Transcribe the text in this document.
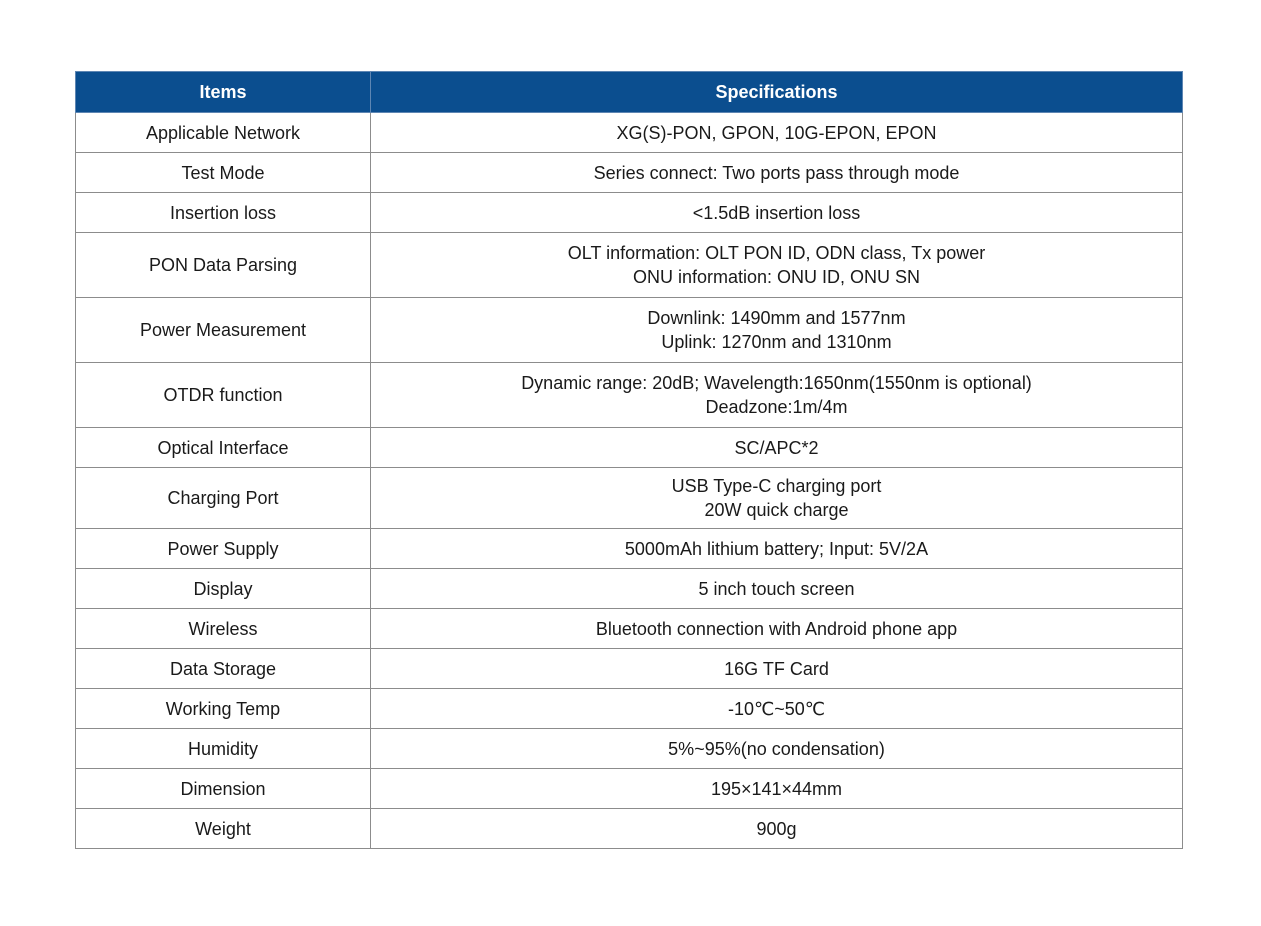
Items	Specifications
Applicable Network	XG(S)-PON, GPON, 10G-EPON, EPON

Test Mode	Series connect: Two ports pass through mode

Insertion loss	<1.5dB insertion loss

PON Data Parsing	OLT information: OLT PON ID, ODN class, Tx power
ONU information: ONU ID, ONU SN

Power Measurement	Downlink: 1490mm and 1577nm
Uplink: 1270nm and 1310nm

OTDR function	Dynamic range: 20dB; Wavelength:1650nm(1550nm is optional)
Deadzone:1m/4m

Optical Interface	SC/APC*2

Charging Port	USB Type-C charging port
20W quick charge

Power Supply	5000mAh lithium battery; Input: 5V/2A

Display	5 inch touch screen

Wireless	Bluetooth connection with Android phone app

Data Storage	16G TF Card

Working Temp	-10℃~50℃

Humidity	5%~95%(no condensation)

Dimension	195×141×44mm

Weight	900g
